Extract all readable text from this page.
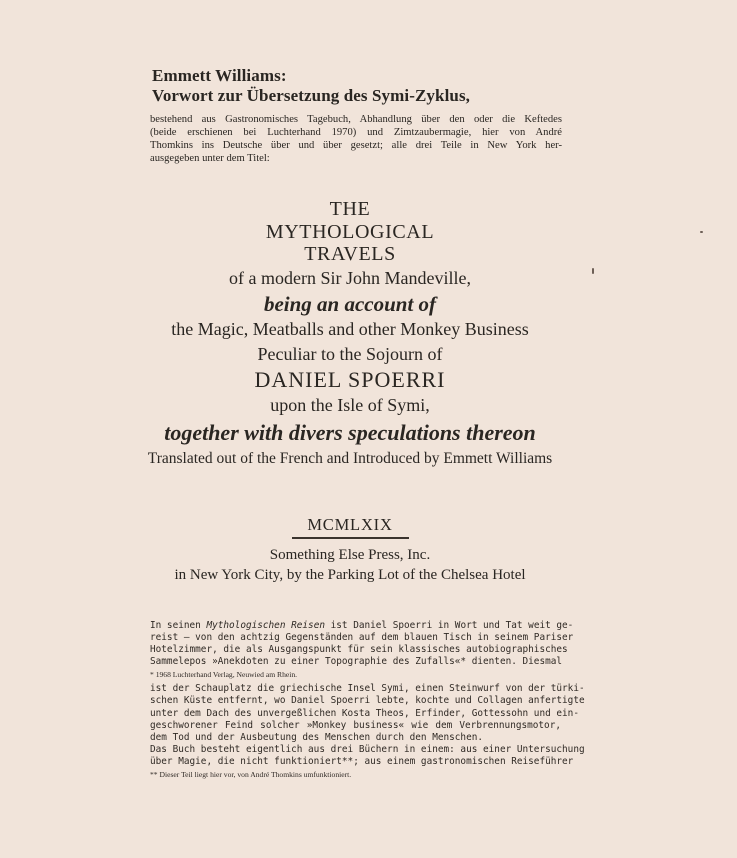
Emmett Williams:
Vorwort zur Übersetzung des Symi-Zyklus,
bestehend aus Gastronomisches Tagebuch, Abhandlung über den oder die Keftedes
(beide erschienen bei Luchterhand 1970) und Zimtzaubermagie, hier von André
Thomkins ins Deutsche über und über gesetzt; alle drei Teile in New York her-
ausgegeben unter dem Titel:
THE
MYTHOLOGICAL
TRAVELS
of a modern Sir John Mandeville,
being an account of
the Magic, Meatballs and other Monkey Business
Peculiar to the Sojourn of
DANIEL SPOERRI
upon the Isle of Symi,
together with divers speculations thereon
Translated out of the French and Introduced by Emmett Williams
MCMLXIX
Something Else Press, Inc.
in New York City, by the Parking Lot of the Chelsea Hotel
In seinen Mythologischen Reisen ist Daniel Spoerri in Wort und Tat weit ge-
reist — von den achtzig Gegenständen auf dem blauen Tisch in seinem Pariser
Hotelzimmer, die als Ausgangspunkt für sein klassisches autobiographisches
Sammelepos »Anekdoten zu einer Topographie des Zufalls«* dienten. Diesmal
* 1968 Luchterhand Verlag, Neuwied am Rhein.
ist der Schauplatz die griechische Insel Symi, einen Steinwurf von der türki-
schen Küste entfernt, wo Daniel Spoerri lebte, kochte und Collagen anfertigte
unter dem Dach des unvergeßlichen Kosta Theos, Erfinder, Gottessohn und ein-
geschworener Feind solcher »Monkey business« wie dem Verbrennungsmotor,
dem Tod und der Ausbeutung des Menschen durch den Menschen.
Das Buch besteht eigentlich aus drei Büchern in einem: aus einer Untersuchung
über Magie, die nicht funktioniert**; aus einem gastronomischen Reiseführer
** Dieser Teil liegt hier vor, von André Thomkins umfunktioniert.
